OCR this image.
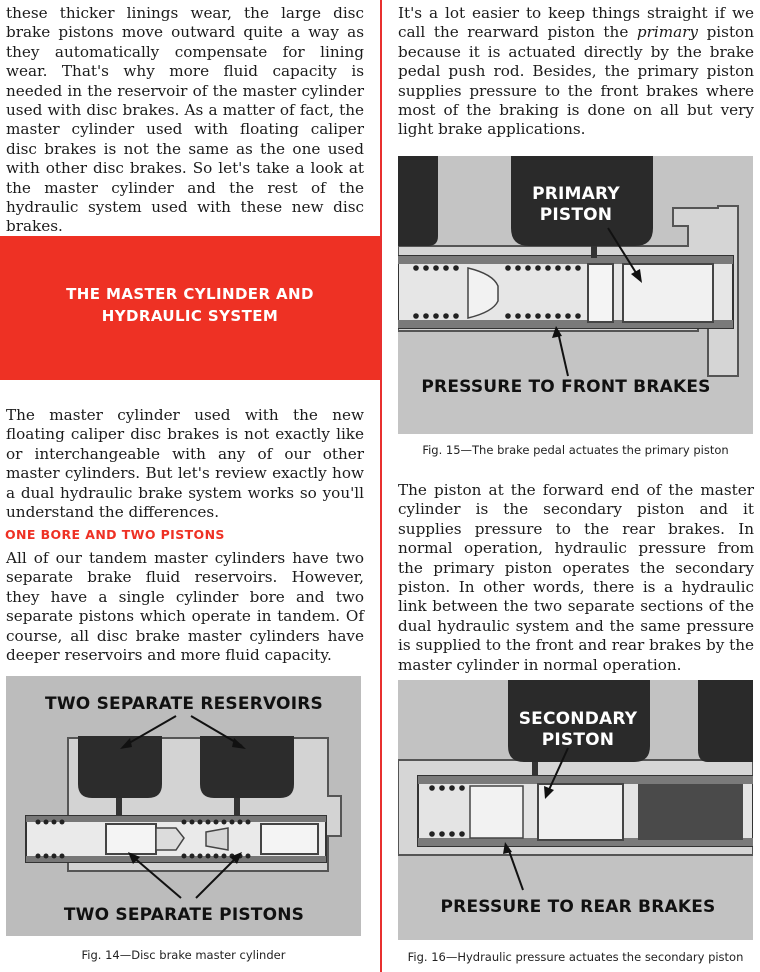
these thicker linings wear, the large disc brake pistons move outward quite a way as they automatically compensate for lining wear. That's why more fluid capacity is needed in the reservoir of the master cylinder used with disc brakes. As a matter of fact, the master cylinder used with floating caliper disc brakes is not the same as the one used with other disc brakes. So let's take a look at the master cylinder and the rest of the hydraulic system used with these new disc brakes.

THE MASTER CYLINDER AND
HYDRAULIC SYSTEM

The master cylinder used with the new floating caliper disc brakes is not exactly like or interchangeable with any of our other master cylinders. But let's review exactly how a dual hydraulic brake system works so you'll understand the differences.

ONE BORE AND TWO PISTONS

All of our tandem master cylinders have two separate brake fluid reservoirs. However, they have a single cylinder bore and two separate pistons which operate in tandem. Of course, all disc brake master cylinders have deeper reservoirs and more fluid capacity.

TWO SEPARATE RESERVOIRS
TWO SEPARATE PISTONS
Fig. 14—Disc brake master cylinder

It's a lot easier to keep things straight if we call the rearward piston the primary piston because it is actuated directly by the brake pedal push rod. Besides, the primary piston supplies pressure to the front brakes where most of the braking is done on all but very light brake applications.

PRIMARY
PISTON
PRESSURE TO FRONT BRAKES
Fig. 15—The brake pedal actuates the primary piston

The piston at the forward end of the master cylinder is the secondary piston and it supplies pressure to the rear brakes. In normal operation, hydraulic pressure from the primary piston operates the secondary piston. In other words, there is a hydraulic link between the two separate sections of the dual hydraulic system and the same pressure is supplied to the front and rear brakes by the master cylinder in normal operation.

SECONDARY
PISTON
PRESSURE TO REAR BRAKES
Fig. 16—Hydraulic pressure actuates the secondary piston
